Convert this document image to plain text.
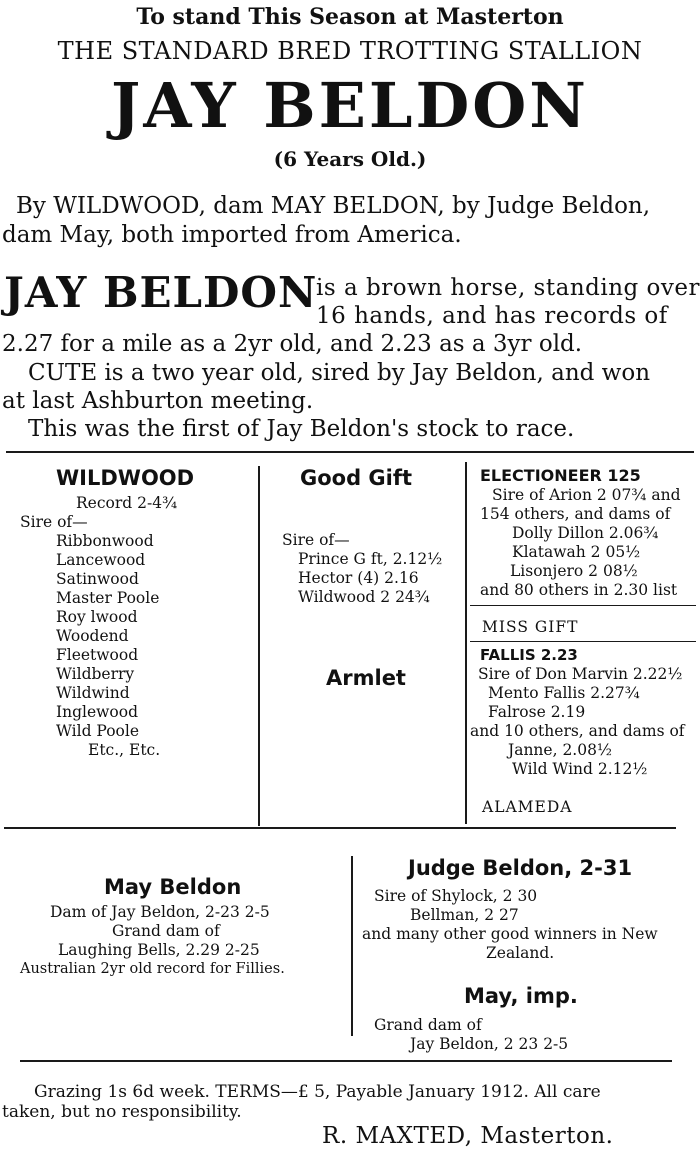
To stand This Season at Masterton
THE STANDARD BRED TROTTING STALLION
JAY BELDON
(6 Years Old.)
By WILDWOOD, dam MAY BELDON, by Judge Beldon,
dam May, both imported from America.
JAY BELDON
is a brown horse, standing over
16 hands, and has records of
2.27 for a mile as a 2yr old, and 2.23 as a 3yr old.
CUTE is a two year old, sired by Jay Beldon, and won
at last Ashburton meeting.
This was the first of Jay Beldon's stock to race.
WILDWOOD
Record 2-4¾
Sire of—
Ribbonwood
Lancewood
Satinwood
Master Poole
Roy lwood
Woodend
Fleetwood
Wildberry
Wildwind
Inglewood
Wild Poole
Etc., Etc.
Good Gift
Sire of—
Prince G ft, 2.12½
Hector (4) 2.16
Wildwood 2 24¾
Armlet
ELECTIONEER 125
Sire of Arion 2 07¾ and
154 others, and dams of
Dolly Dillon 2.06¾
Klatawah 2 05½
Lisonjero 2 08½
and 80 others in 2.30 list
MISS GIFT
FALLIS 2.23
Sire of Don Marvin 2.22½
Mento Fallis 2.27¾
Falrose 2.19
and 10 others, and dams of
Janne, 2.08½
Wild Wind 2.12½
ALAMEDA
May Beldon
Dam of Jay Beldon, 2-23 2-5
Grand dam of
Laughing Bells, 2.29 2-25
Australian 2yr old record for Fillies.
Judge Beldon, 2-31
Sire of Shylock, 2 30
Bellman, 2 27
and many other good winners in New
Zealand.
May, imp.
Grand dam of
Jay Beldon, 2 23 2-5
Grazing 1s 6d week. TERMS—£ 5, Payable January 1912. All care
taken, but no responsibility.
R. MAXTED, Masterton.
